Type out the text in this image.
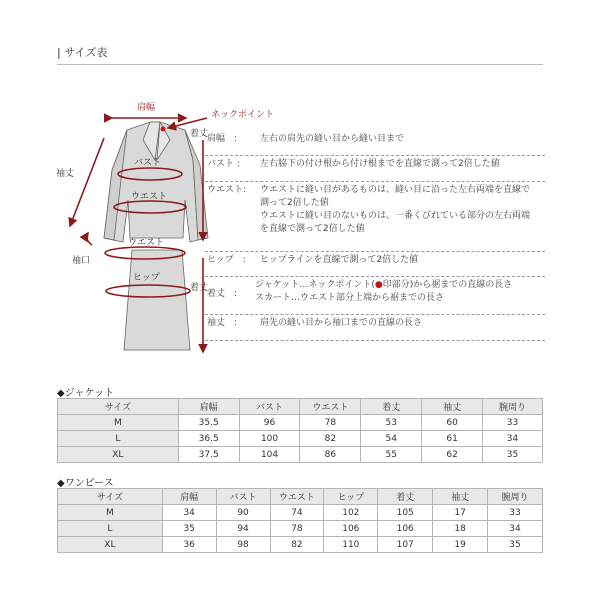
| サイズ表
肩幅
ネックポイント
着丈
袖丈
バスト
ウエスト
ウエスト
袖口
ヒップ
着丈
肩幅　:	左右の肩先の縫い目から縫い目まで
バスト : 左右脇下の付け根から付け根までを直線で測って2倍した値
ウエスト: ウエストに縫い目があるものは、縫い目に沿った左右両端を直線で
測って2倍した値
ウエストに縫い目のないものは、一番くびれている部分の左右両端
を直線で測って2倍した値
ヒップ　: ヒップラインを直線で測って2倍した値
着丈　:
ジャケット…ネックポイント(●印部分)から裾までの直線の長さ
スカート…ウエスト部分上端から裾までの長さ
袖丈　:	肩先の縫い目から袖口までの直線の長さ
◆ジャケット
サイズ	肩幅	バスト	ウエスト	着丈	袖丈	腕周り
M	35.5	96	78	53	60	33
L	36.5	100	82	54	61	34
XL	37.5	104	86	55	62	35
◆ワンピース
サイズ	肩幅	バスト	ウエスト	ヒップ	着丈	袖丈	腕周り
M	34	90	74	102	105	17	33
L	35	94	78	106	106	18	34
XL	36	98	82	110	107	19	35
